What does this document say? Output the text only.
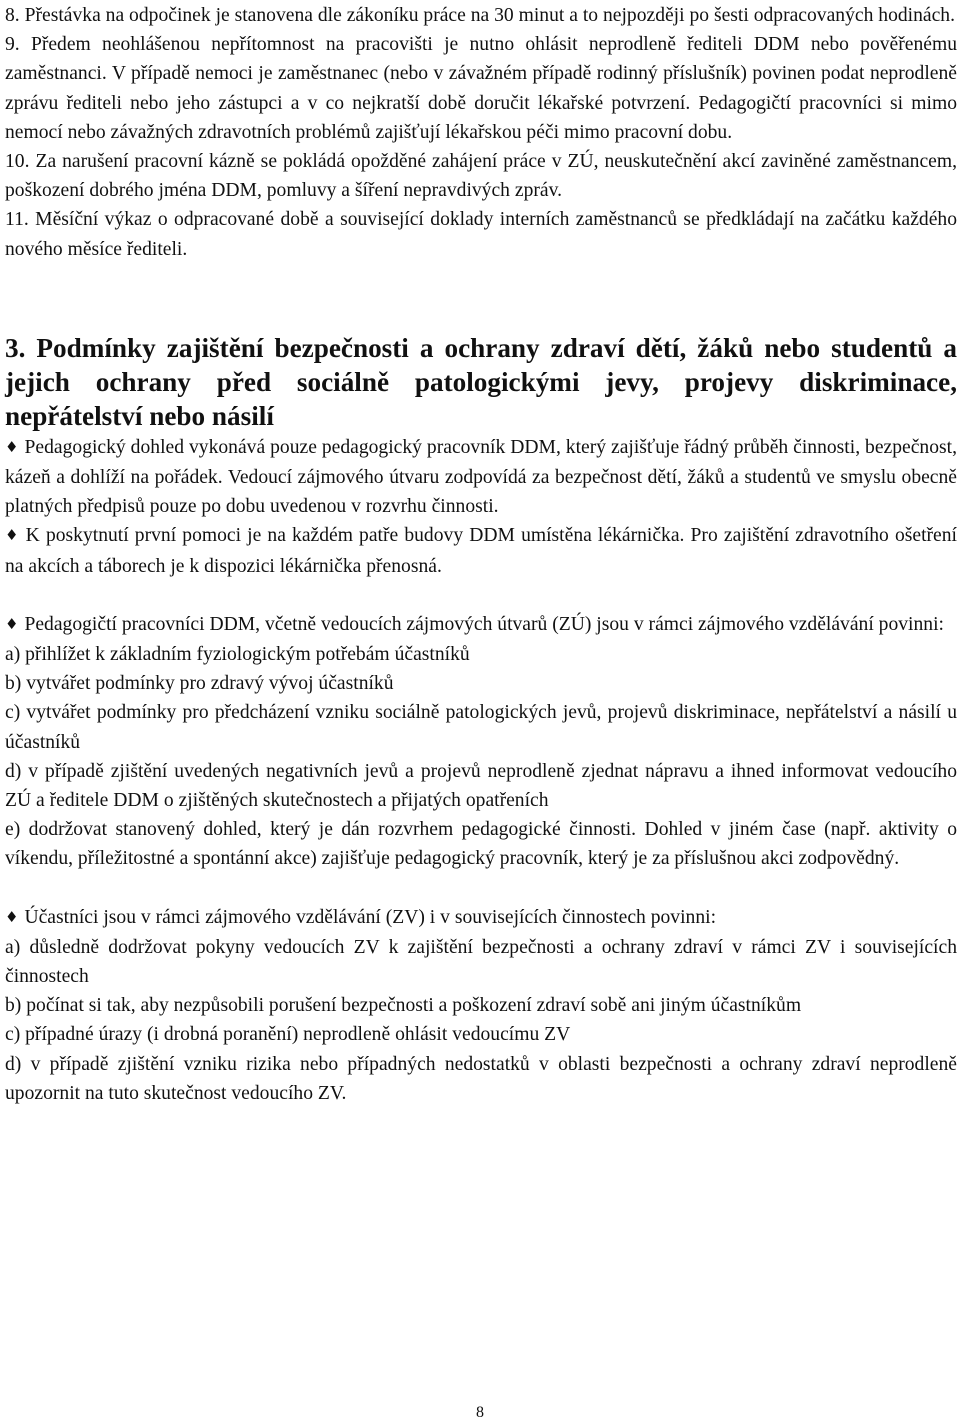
8. Přestávka na odpočinek je stanovena dle zákoníku práce na 30 minut a to nejpozději po šesti odpracovaných hodinách.

9. Předem neohlášenou nepřítomnost na pracovišti je nutno ohlásit neprodleně řediteli DDM nebo pověřenému zaměstnanci. V případě nemoci je zaměstnanec (nebo v závažném případě rodinný příslušník) povinen podat neprodleně zprávu řediteli nebo jeho zástupci a v co nejkratší době doručit lékařské potvrzení. Pedagogičtí pracovníci si mimo nemocí nebo závažných zdravotních problémů zajišťují lékařskou péči mimo pracovní dobu.

10. Za narušení pracovní kázně se pokládá opožděné zahájení práce v ZÚ, neuskutečnění akcí zaviněné zaměstnancem, poškození dobrého jména DDM, pomluvy a šíření nepravdivých zpráv.

11. Měsíční výkaz o odpracované době a související doklady interních zaměstnanců se předkládají na začátku každého nového měsíce řediteli.

3. Podmínky zajištění bezpečnosti a ochrany zdraví dětí, žáků nebo studentů a jejich ochrany před sociálně patologickými jevy, projevy diskriminace, nepřátelství nebo násilí

♦ Pedagogický dohled vykonává pouze pedagogický pracovník DDM, který zajišťuje řádný průběh činnosti, bezpečnost, kázeň a dohlíží na pořádek. Vedoucí zájmového útvaru zodpovídá za bezpečnost dětí, žáků a studentů ve smyslu obecně platných předpisů pouze po dobu uvedenou v rozvrhu činnosti.

♦ K poskytnutí první pomoci je na každém patře budovy DDM umístěna lékárnička. Pro zajištění zdravotního ošetření na akcích a táborech je k dispozici lékárnička přenosná.

♦ Pedagogičtí pracovníci DDM, včetně vedoucích zájmových útvarů (ZÚ) jsou v rámci zájmového vzdělávání povinni:

a) přihlížet k základním fyziologickým potřebám účastníků

b) vytvářet podmínky pro zdravý vývoj účastníků

c) vytvářet podmínky pro předcházení vzniku sociálně patologických jevů, projevů diskriminace, nepřátelství a násilí u účastníků

d) v případě zjištění uvedených negativních jevů a projevů neprodleně zjednat nápravu a ihned informovat vedoucího ZÚ a ředitele DDM o zjištěných skutečnostech a přijatých opatřeních

e) dodržovat stanovený dohled, který je dán rozvrhem pedagogické činnosti. Dohled v jiném čase (např. aktivity o víkendu, příležitostné a spontánní akce) zajišťuje pedagogický pracovník, který je za příslušnou akci zodpovědný.

♦ Účastníci jsou v rámci zájmového vzdělávání (ZV) i v souvisejících činnostech povinni:

a) důsledně dodržovat pokyny vedoucích ZV k zajištění bezpečnosti a ochrany zdraví v rámci ZV i souvisejících činnostech

b) počínat si tak, aby nezpůsobili porušení bezpečnosti a poškození zdraví sobě ani jiným účastníkům

c) případné úrazy (i drobná poranění) neprodleně ohlásit vedoucímu ZV

d) v případě zjištění vzniku rizika nebo případných nedostatků v oblasti bezpečnosti a ochrany zdraví neprodleně upozornit na tuto skutečnost vedoucího ZV.

8
